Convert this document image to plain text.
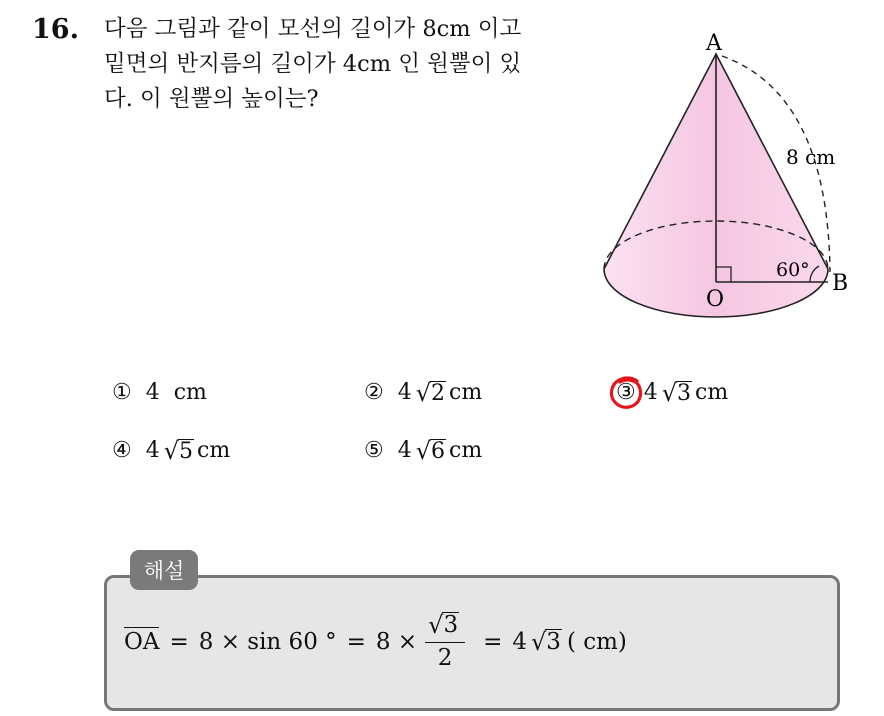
16. 다음 그림과 같이 모선의 길이가 8cm 이고
밑면의 반지름의 길이가 4cm 인 원뿔이 있
다. 이 원뿔의 높이는?
A
O
B
8 cm
60°
① 4 cm	② 4 √ 2 cm	③ 4 √ 3 cm
④ 4 √ 5 cm	⑤ 4 √ 6 cm
해설
OA = 8 × sin 60 ° = $8 \times \frac{√ 3}{2} = 4$ √ 3 ( cm)
